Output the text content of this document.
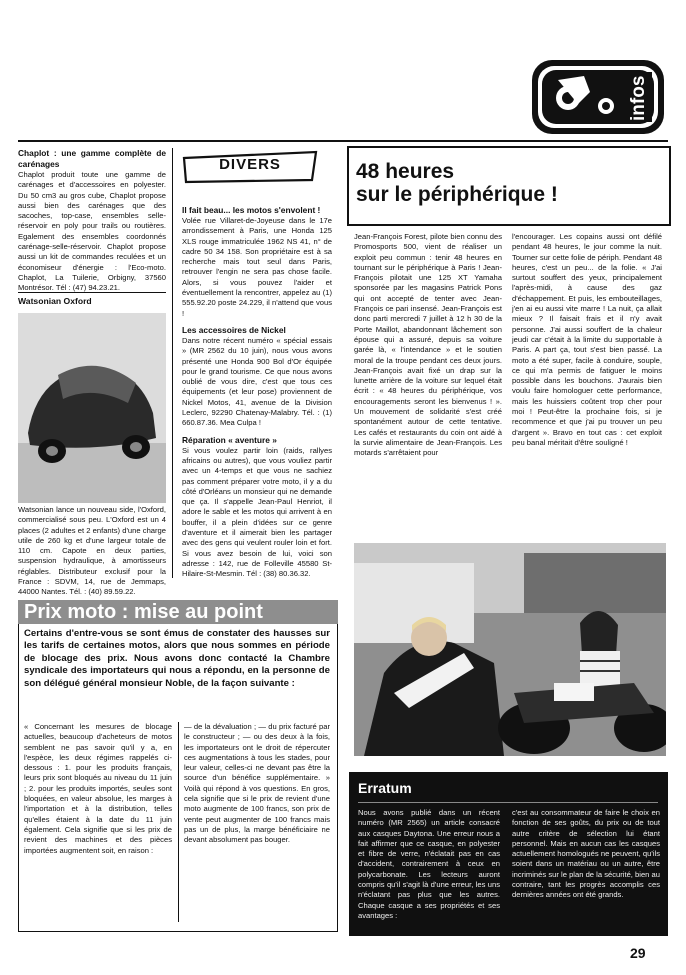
infos

Chaplot : une gamme complète de carénages

Chaplot produit toute une gamme de carénages et d'accessoires en polyester. Du 50 cm3 au gros cube, Chaplot propose aussi bien des carénages que des sacoches, top-case, ensembles selle-réservoir en poly pour trails ou routières. Egalement des ensembles coordonnés carénage-selle-réservoir. Chaplot propose aussi un kit de commandes reculées et un économiseur d'énergie : l'Eco-moto. Chaplot, La Tuilerie, Orbigny, 37560 Montrésor. Tél : (47) 94.23.21.

Watsonian Oxford
Watsonian lance un nouveau side, l'Oxford, commercialisé sous peu. L'Oxford est un 4 places (2 adultes et 2 enfants) d'une charge utile de 260 kg et d'une largeur totale de 110 cm. Capote en deux parties, suspension hydraulique, à amortisseurs réglables. Distributeur exclusif pour la France : SDVM, 14, rue de Jemmaps, 44000 Nantes. Tél. : (40) 89.59.22.
DIVERS

Il fait beau... les motos s'envolent !

Volée rue Villaret-de-Joyeuse dans le 17e arrondissement à Paris, une Honda 125 XLS rouge immatriculée 1962 NS 41, n° de cadre 50 34 158. Son propriétaire est à sa recherche mais tout seul dans Paris, retrouver l'engin ne sera pas chose facile. Alors, si vous pouvez l'aider et éventuellement la rencontrer, appelez au (1) 555.92.20 poste 24.229, il n'attend que vous !

Les accessoires de Nickel

Dans notre récent numéro « spécial essais » (MR 2562 du 10 juin), nous vous avons présenté une Honda 900 Bol d'Or équipée pour le grand tourisme. Ce que nous avons oublié de vous dire, c'est que tous ces équipements (et leur pose) proviennent de Nickel Motos, 41, avenue de la Division Leclerc, 92290 Chatenay-Malabry. Tél. : (1) 660.87.36. Mea Culpa !

Réparation « aventure »

Si vous voulez partir loin (raids, rallyes africains ou autres), que vous vouliez partir avec un 4-temps et que vous ne sachiez pas comment préparer votre moto, il y a du côté d'Orléans un monsieur qui ne demande que ça. Il s'appelle Jean-Paul Henriot, il adore le sable et les motos qui arrivent à en bouffer, il a plein d'idées sur ce genre d'aventure et il aimerait bien les partager avec des gens qui veulent rouler loin et fort. Si vous avez besoin de lui, voici son adresse : 142, rue de Folleville 45580 St-Hilaire-St-Mesmin. Tél : (38) 80.36.32.

48 heures
sur le périphérique !
Jean-François Forest, pilote bien connu des Promosports 500, vient de réaliser un exploit peu commun : tenir 48 heures en tournant sur le périphérique à Paris ! Jean-François pilotait une 125 XT Yamaha sponsorée par les magasins Patrick Pons qui ont accepté de tenter avec Jean-François ce pari insensé. Jean-François est donc parti mercredi 7 juillet à 12 h 30 de la Porte Maillot, abandonnant lâchement son épouse qui a assuré, depuis sa voiture garée là, « l'intendance » et le soutien moral de la troupe pendant ces deux jours. Jean-François avait fixé un drap sur la lunette arrière de la voiture sur lequel était écrit : « 48 heures du périphérique, vos encouragements seront les bienvenus ! ». Un mouvement de solidarité s'est créé spontanément autour de cette tentative. Les cafés et restaurants du coin ont aidé à la survie alimentaire de Jean-François. Les motards s'arrêtaient pour
l'encourager. Les copains aussi ont défilé pendant 48 heures, le jour comme la nuit. Tourner sur cette folie de périph. Pendant 48 heures, c'est un peu... de la folie. « J'ai surtout souffert des yeux, principalement l'après-midi, à cause des gaz d'échappement. Et puis, les embouteillages, j'en ai eu aussi vite marre ! La nuit, ça allait mieux ? Il faisait frais et il n'y avait personne. J'ai aussi souffert de la chaleur jeudi car c'était à la limite du supportable à Paris. A part ça, tout s'est bien passé. La moto a été super, facile à conduire, souple, ce qui m'a permis de fatiguer le moins possible dans les bouchons. J'aurais bien voulu faire homologuer cette performance, mais les huissiers coûtent trop cher pour moi ! Peut-être la prochaine fois, si je recommence et que j'ai pu trouver un peu d'argent ». Bravo en tout cas : cet exploit peu banal méritait d'être souligné !
Prix moto : mise au point
Certains d'entre-vous se sont émus de constater des hausses sur les tarifs de certaines motos, alors que nous sommes en période de blocage des prix. Nous avons donc contacté la Chambre syndicale des importateurs qui nous a répondu, en la personne de son délégué général monsieur Noble, de la façon suivante :
« Concernant les mesures de blocage actuelles, beaucoup d'acheteurs de motos semblent ne pas savoir qu'il y a, en l'espèce, les deux régimes rappelés ci-dessous : 1. pour les produits français, leurs prix sont bloqués au niveau du 11 juin ; 2. pour les produits importés, seules sont bloquées, en valeur absolue, les marges à l'importation et à la distribution, telles qu'elles étaient à la date du 11 juin également. Cela signifie que si les prix de revient des machines et des pièces importées augmentent soit, en raison :
— de la dévaluation ; — du prix facturé par le constructeur ; — ou des deux à la fois, les importateurs ont le droit de répercuter ces augmentations à tous les stades, pour leur valeur, celles-ci ne devant pas être la source d'un bénéfice supplémentaire. » Voilà qui répond à vos questions. En gros, cela signifie que si le prix de revient d'une moto augmente de 100 francs, son prix de vente peut augmenter de 100 francs mais pas un de plus, la marge bénéficiaire ne devant absolument pas bouger.
Erratum
Nous avons publié dans un récent numéro (MR 2565) un article consacré aux casques Daytona. Une erreur nous a fait affirmer que ce casque, en polyester et fibre de verre, n'éclatait pas en cas d'accident, contrairement à ceux en polycarbonate. Les lecteurs auront compris qu'il s'agit là d'une erreur, les uns n'éclatant pas plus que les autres. Chaque casque a ses propriétés et ses avantages :
c'est au consommateur de faire le choix en fonction de ses goûts, du prix ou de tout autre critère de sélection lui étant personnel. Mais en aucun cas les casques actuellement homologués ne peuvent, qu'ils soient dans un matériau ou un autre, être incriminés sur le plan de la sécurité, bien au contraire, tant les progrès accomplis ces dernières années ont été grands.
29
